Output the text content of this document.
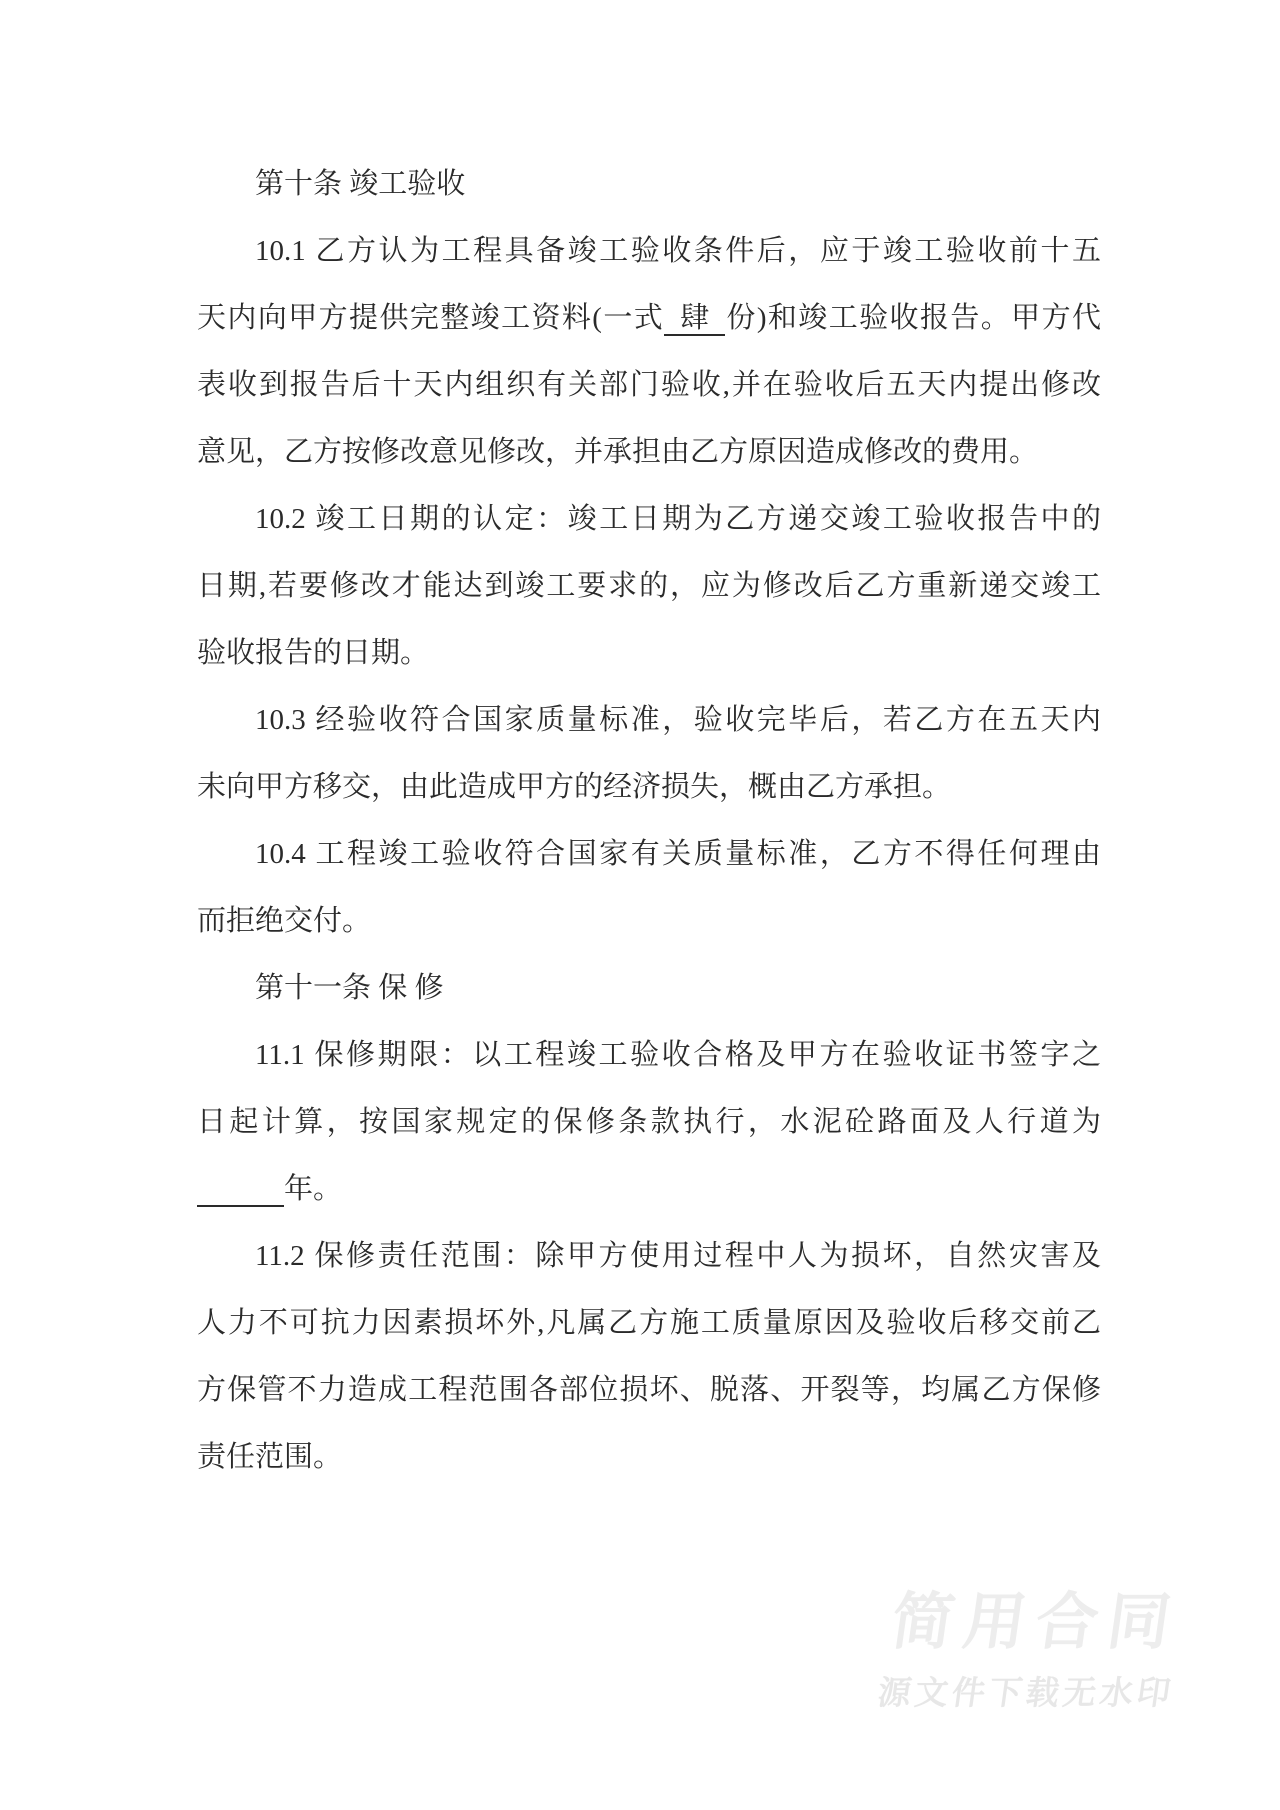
第十条 竣工验收
10.1 乙方认为工程具备竣工验收条件后，应于竣工验收前十五
天内向甲方提供完整竣工资料(一式 肆 份)和竣工验收报告。甲方代
表收到报告后十天内组织有关部门验收,并在验收后五天内提出修改
意见，乙方按修改意见修改，并承担由乙方原因造成修改的费用。
10.2 竣工日期的认定：竣工日期为乙方递交竣工验收报告中的
日期,若要修改才能达到竣工要求的，应为修改后乙方重新递交竣工
验收报告的日期。
10.3 经验收符合国家质量标准，验收完毕后，若乙方在五天内
未向甲方移交，由此造成甲方的经济损失，概由乙方承担。
10.4 工程竣工验收符合国家有关质量标准，乙方不得任何理由
而拒绝交付。
第十一条 保 修
11.1 保修期限：以工程竣工验收合格及甲方在验收证书签字之
日起计算，按国家规定的保修条款执行，水泥砼路面及人行道为
　　　年。
11.2 保修责任范围：除甲方使用过程中人为损坏，自然灾害及
人力不可抗力因素损坏外,凡属乙方施工质量原因及验收后移交前乙
方保管不力造成工程范围各部位损坏、脱落、开裂等，均属乙方保修
责任范围。
简用合同
源文件下载无水印
